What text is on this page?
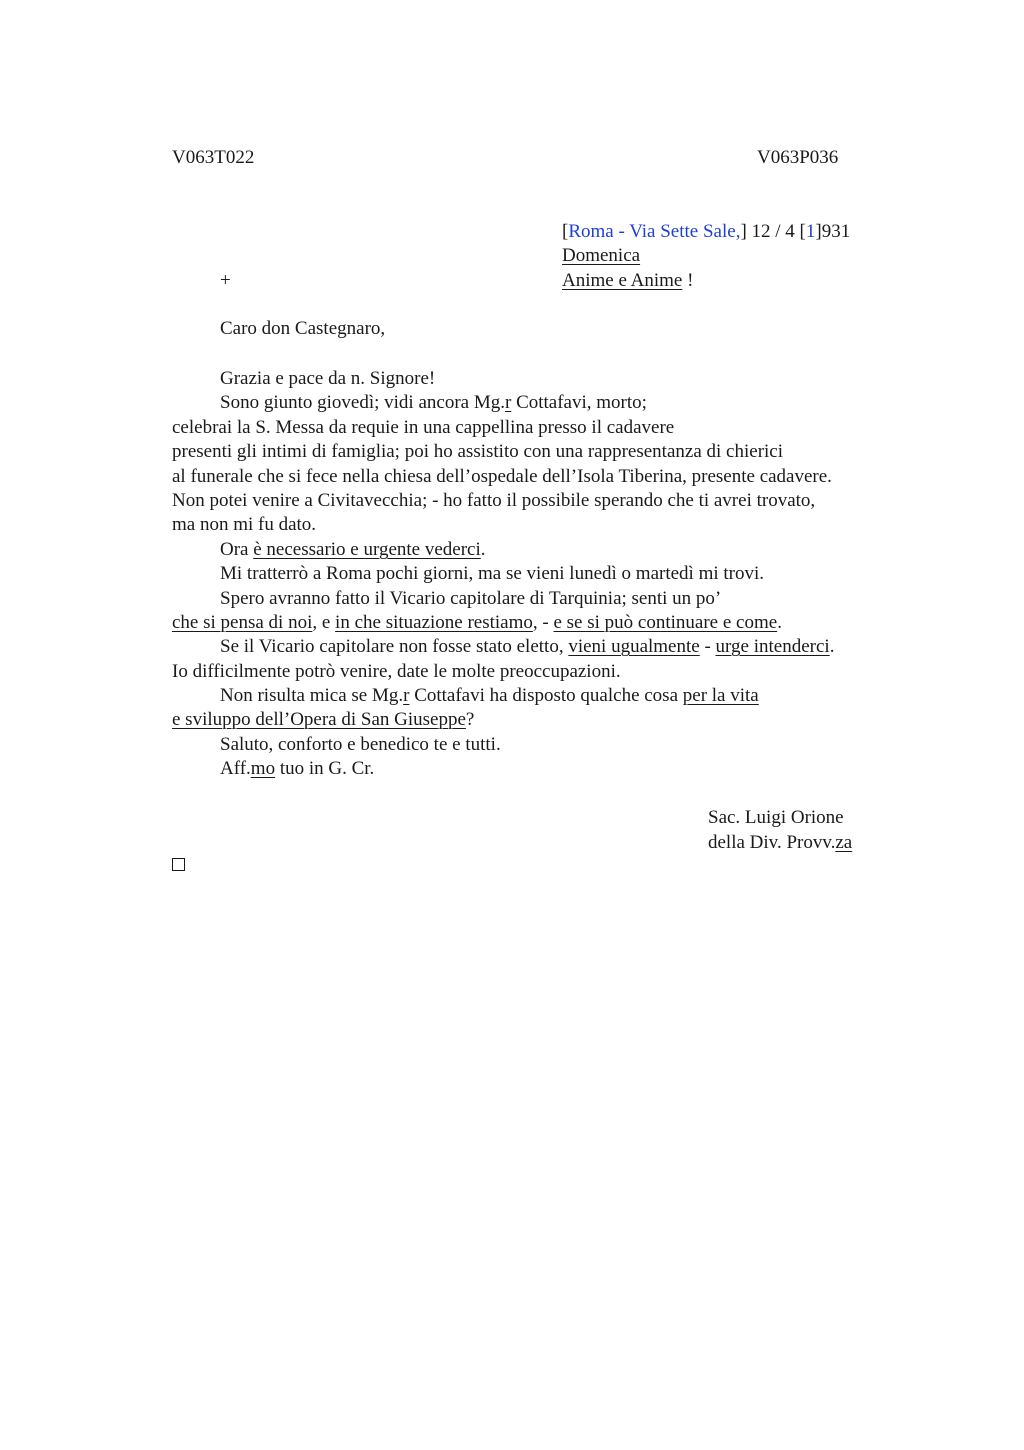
V063T022	V063P036
[Roma - Via Sette Sale,] 12 / 4 [1]931
Domenica
Anime e Anime !
+
Caro don Castegnaro,
Grazia e pace da n. Signore!
Sono giunto giovedì; vidi ancora Mg.r Cottafavi, morto;
celebrai la S. Messa da requie in una cappellina presso il cadavere
presenti gli intimi di famiglia; poi ho assistito con una rappresentanza di chierici
al funerale che si fece nella chiesa dell’ospedale dell’Isola Tiberina, presente cadavere.
Non potei venire a Civitavecchia; - ho fatto il possibile sperando che ti avrei trovato,
ma non mi fu dato.
Ora è necessario e urgente vederci.
Mi tratterrò a Roma pochi giorni, ma se vieni lunedì o martedì mi trovi.
Spero avranno fatto il Vicario capitolare di Tarquinia; senti un po’
che si pensa di noi, e in che situazione restiamo, - e se si può continuare e come.
Se il Vicario capitolare non fosse stato eletto, vieni ugualmente - urge intenderci.
Io difficilmente potrò venire, date le molte preoccupazioni.
Non risulta mica se Mg.r Cottafavi ha disposto qualche cosa per la vita
e sviluppo dell’Opera di San Giuseppe?
Saluto, conforto e benedico te e tutti.
Aff.mo tuo in G. Cr.
Sac. Luigi Orione
della Div. Provv.za
